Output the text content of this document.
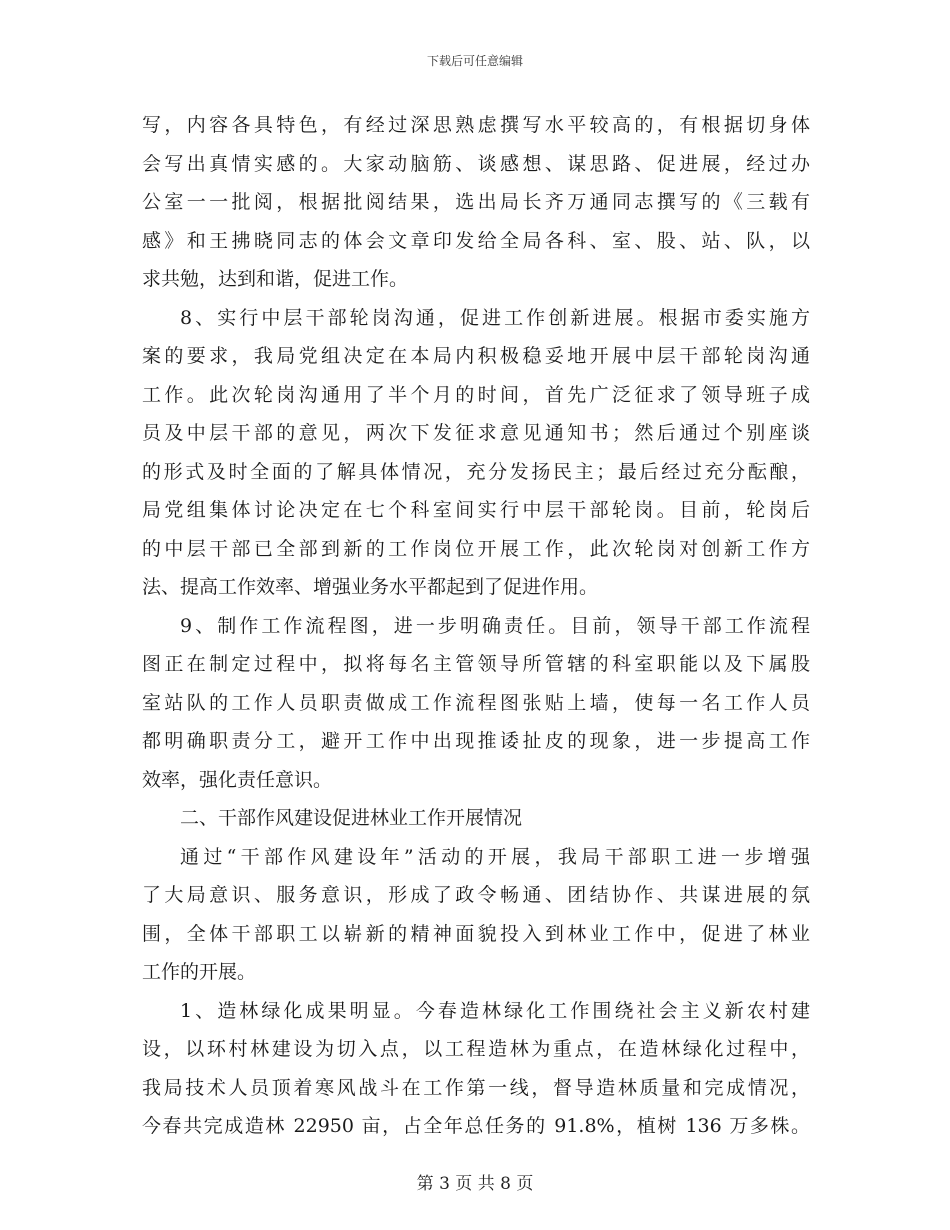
下载后可任意编辑
写，内容各具特色，有经过深思熟虑撰写水平较高的，有根据切身体
会写出真情实感的。大家动脑筋、谈感想、谋思路、促进展，经过办
公室一一批阅，根据批阅结果，选出局长齐万通同志撰写的《三载有
感》和王拂晓同志的体会文章印发给全局各科、室、股、站、队，以
求共勉，达到和谐，促进工作。
8、实行中层干部轮岗沟通，促进工作创新进展。根据市委实施方
案的要求，我局党组决定在本局内积极稳妥地开展中层干部轮岗沟通
工作。此次轮岗沟通用了半个月的时间，首先广泛征求了领导班子成
员及中层干部的意见，两次下发征求意见通知书；然后通过个别座谈
的形式及时全面的了解具体情况，充分发扬民主；最后经过充分酝酿，
局党组集体讨论决定在七个科室间实行中层干部轮岗。目前，轮岗后
的中层干部已全部到新的工作岗位开展工作，此次轮岗对创新工作方
法、提高工作效率、增强业务水平都起到了促进作用。
9、制作工作流程图，进一步明确责任。目前，领导干部工作流程
图正在制定过程中，拟将每名主管领导所管辖的科室职能以及下属股
室站队的工作人员职责做成工作流程图张贴上墙，使每一名工作人员
都明确职责分工，避开工作中出现推诿扯皮的现象，进一步提高工作
效率，强化责任意识。
二、干部作风建设促进林业工作开展情况
通过“干部作风建设年”活动的开展，我局干部职工进一步增强
了大局意识、服务意识，形成了政令畅通、团结协作、共谋进展的氛
围，全体干部职工以崭新的精神面貌投入到林业工作中，促进了林业
工作的开展。
1、造林绿化成果明显。今春造林绿化工作围绕社会主义新农村建
设，以环村林建设为切入点，以工程造林为重点，在造林绿化过程中，
我局技术人员顶着寒风战斗在工作第一线，督导造林质量和完成情况，
今春共完成造林 22950 亩，占全年总任务的 91.8%，植树 136 万多株。
第 3 页 共 8 页
